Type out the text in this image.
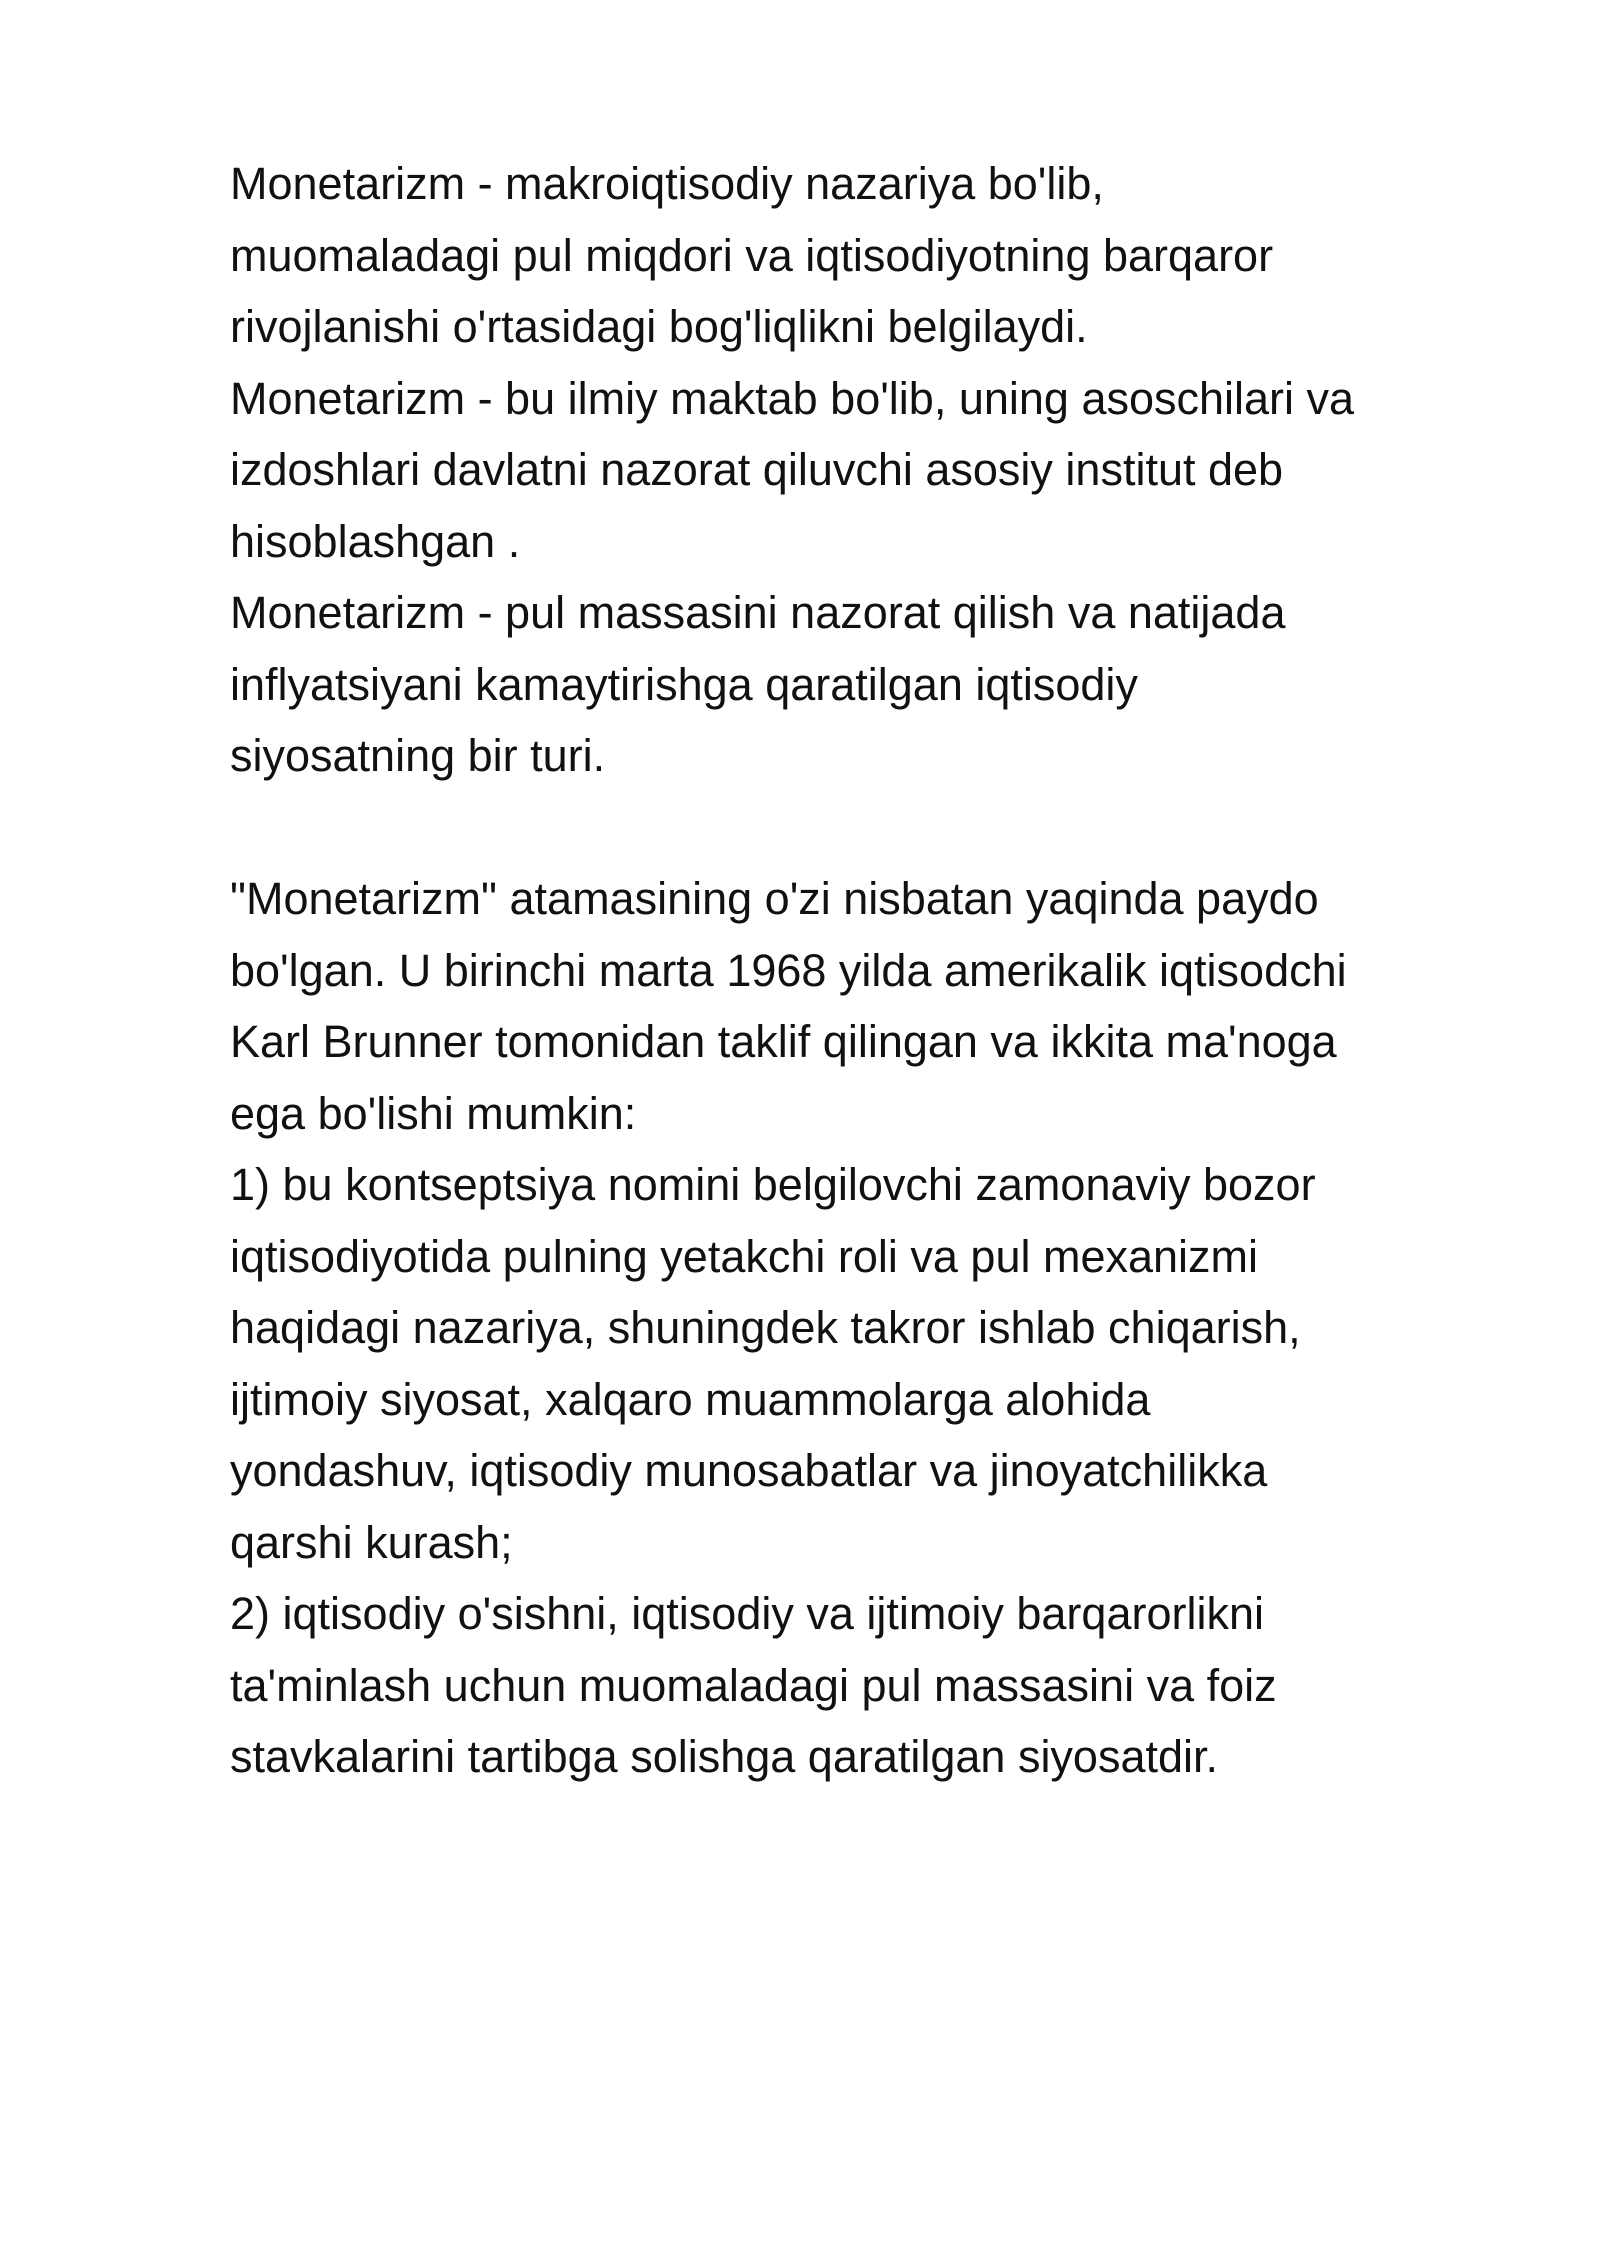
Monetarizm - makroiqtisodiy nazariya bo'lib,
muomaladagi pul miqdori va iqtisodiyotning barqaror
rivojlanishi o'rtasidagi bog'liqlikni belgilaydi.
Monetarizm - bu ilmiy maktab bo'lib, uning asoschilari va
izdoshlari davlatni nazorat qiluvchi asosiy institut deb
hisoblashgan .
Monetarizm - pul massasini nazorat qilish va natijada
inflyatsiyani kamaytirishga qaratilgan iqtisodiy
siyosatning bir turi.
"Monetarizm" atamasining o'zi nisbatan yaqinda paydo
bo'lgan. U birinchi marta 1968 yilda amerikalik iqtisodchi
Karl Brunner tomonidan taklif qilingan va ikkita ma'noga
ega bo'lishi mumkin:
1) bu kontseptsiya nomini belgilovchi zamonaviy bozor
iqtisodiyotida pulning yetakchi roli va pul mexanizmi
haqidagi nazariya, shuningdek takror ishlab chiqarish,
ijtimoiy siyosat, xalqaro muammolarga alohida
yondashuv, iqtisodiy munosabatlar va jinoyatchilikka
qarshi kurash;
2) iqtisodiy o'sishni, iqtisodiy va ijtimoiy barqarorlikni
ta'minlash uchun muomaladagi pul massasini va foiz
stavkalarini tartibga solishga qaratilgan siyosatdir.
